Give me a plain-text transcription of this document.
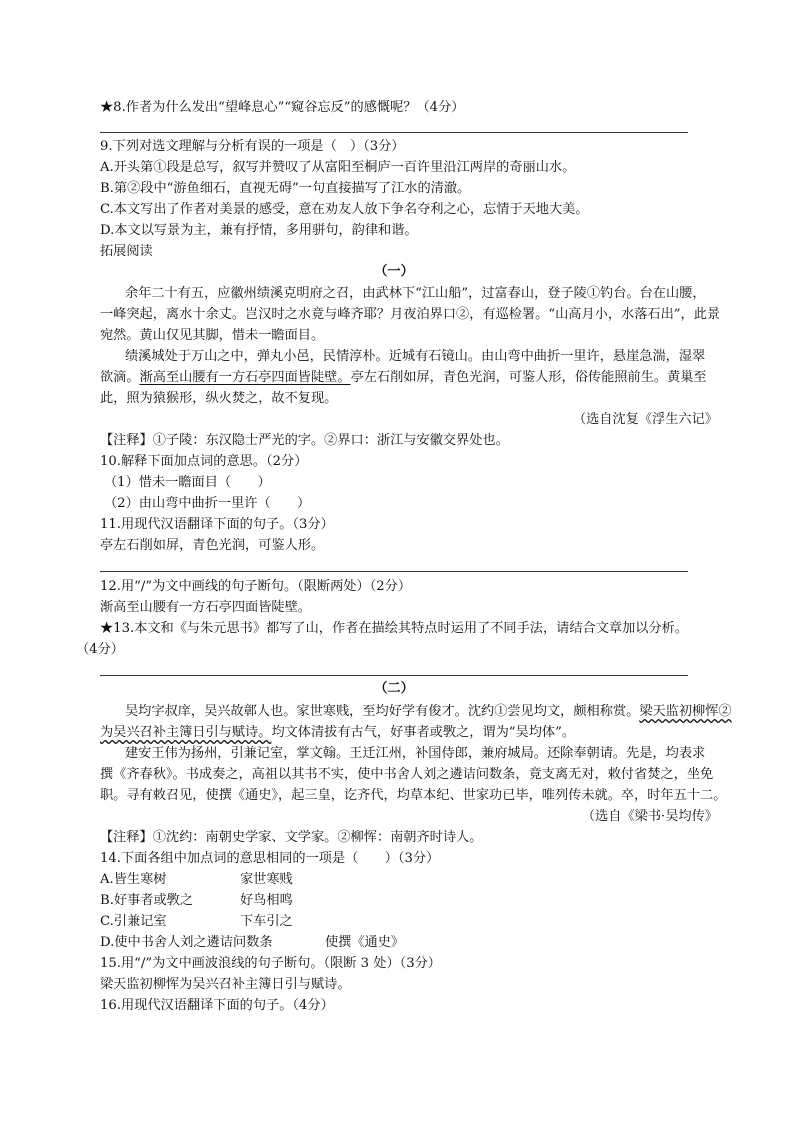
★8.作者为什么发出“望峰息心”“窥谷忘反”的感慨呢？（4分）
9.下列对选文理解与分析有误的一项是（　）（3分）
A.开头第①段是总写，叙写并赞叹了从富阳至桐庐一百许里沿江两岸的奇丽山水。
B.第②段中“游鱼细石，直视无碍”一句直接描写了江水的清澈。
C.本文写出了作者对美景的感受，意在劝友人放下争名夺利之心，忘情于天地大美。
D.本文以写景为主，兼有抒情，多用骈句，韵律和谐。
拓展阅读
（一）
余年二十有五，应徽州绩溪克明府之召，由武林下“江山船”，过富春山，登子陵①钓台。台在山腰，
一峰突起，离水十余丈。岂汉时之水竟与峰齐耶？月夜泊界口②，有巡检署。“山高月小，水落石出”，此景
宛然。黄山仅见其脚，惜未一瞻面目。
绩溪城处于万山之中，弹丸小邑，民情淳朴。近城有石镜山。由山弯中曲折一里许，悬崖急湍，湿翠
欲滴。渐高至山腰有一方石亭四面皆陡壁。亭左石削如屏，青色光润，可鉴人形，俗传能照前生。黄巢至
此，照为猿猴形，纵火焚之，故不复现。
（选自沈复《浮生六记》
【注释】①子陵：东汉隐士严光的字。②界口：浙江与安徽交界处也。
10.解释下面加点词的意思。（2分）
（1）惜未一瞻面目（　　）
（2）由山弯中曲折一里许（　　）
11.用现代汉语翻译下面的句子。（3分）
亭左石削如屏，青色光润，可鉴人形。
12.用“/”为文中画线的句子断句。（限断两处）（2分）
渐高至山腰有一方石亭四面皆陡壁。
★13.本文和《与朱元思书》都写了山，作者在描绘其特点时运用了不同手法，请结合文章加以分析。
（4分）
（二）
吴均字叔庠，吴兴故鄣人也。家世寒贱，至均好学有俊才。沈约①尝见均文，颇相称赏。梁天监初柳恽②
为吴兴召补主簿日引与赋诗。均文体清拔有古气，好事者或斆之，谓为“吴均体”。
建安王伟为扬州，引兼记室，掌文翰。王迁江州，补国侍郎，兼府城局。还除奉朝请。先是，均表求
撰《齐春秋》。书成奏之，高祖以其书不实，使中书舍人刘之遴诘问数条，竟支离无对，敕付省焚之，坐免
职。寻有敕召见，使撰《通史》，起三皇，讫齐代，均草本纪、世家功已毕，唯列传未就。卒，时年五十二。
（选自《梁书·吴均传》
【注释】①沈约：南朝史学家、文学家。②柳恽：南朝齐时诗人。
14.下面各组中加点词的意思相同的一项是（　　）（3分）
A.皆生寒树	家世寒贱
B.好事者或斆之	好鸟相鸣
C.引兼记室	下车引之
D.使中书舍人刘之遴诘问数条	使撰《通史》
15.用“/”为文中画波浪线的句子断句。（限断 3 处）（3分）
梁天监初柳恽为吴兴召补主簿日引与赋诗。
16.用现代汉语翻译下面的句子。（4分）
